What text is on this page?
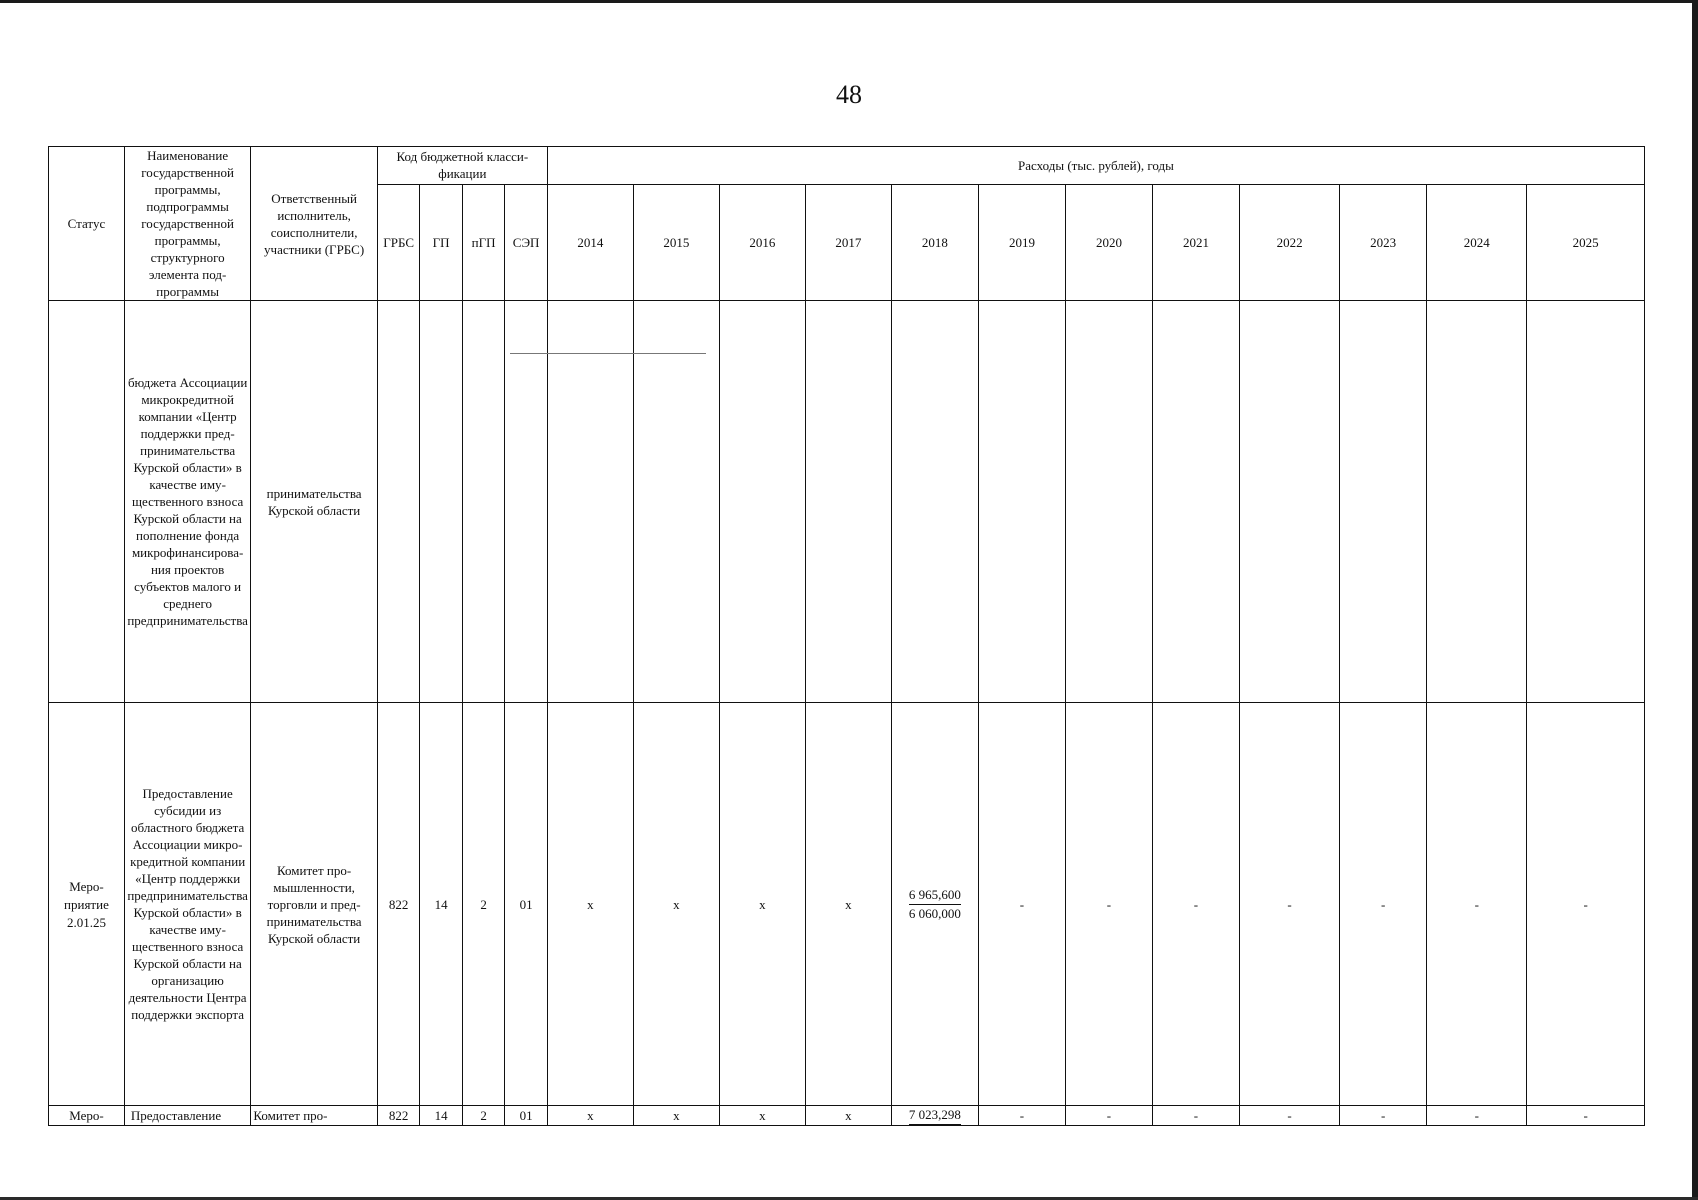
48
Статус	Наименование государственной программы, подпрограммы государственной программы, структурного элемента подпрограммы	Ответственный исполнитель, соисполнители, участники (ГРБС)	Код бюджетной классификации				Расходы (тыс. рублей), годы											
			ГРБС	ГП	пГП	СЭП	2014	2015	2016	2017	2018	2019	2020	2021	2022	2023	2024	2025
	бюджета Ассоциации микрокредитной компании «Центр поддержки предпринимательства Курской области» в качестве имущественного взноса Курской области на пополнение фонда микрофинансирования проектов субъектов малого и среднего предпринимательства	принимательства Курской области																
Мероприятие 2.01.25	Предоставление субсидии из областного бюджета Ассоциации микрокредитной компании «Центр поддержки предпринимательства Курской области» в качестве имущественного взноса Курской области на организацию деятельности Центра поддержки экспорта	Комитет промышленности, торговли и предпринимательства Курской области	822	14	2	01	x	x	x	x	$\frac{6 965,600}{6 060,000}$	-	-	-	-	-	-	-
Меро-	Предоставление	Комитет про-	822	14	2	01	x	x	x	x	7 023,298	-	-	-	-	-	-	-
